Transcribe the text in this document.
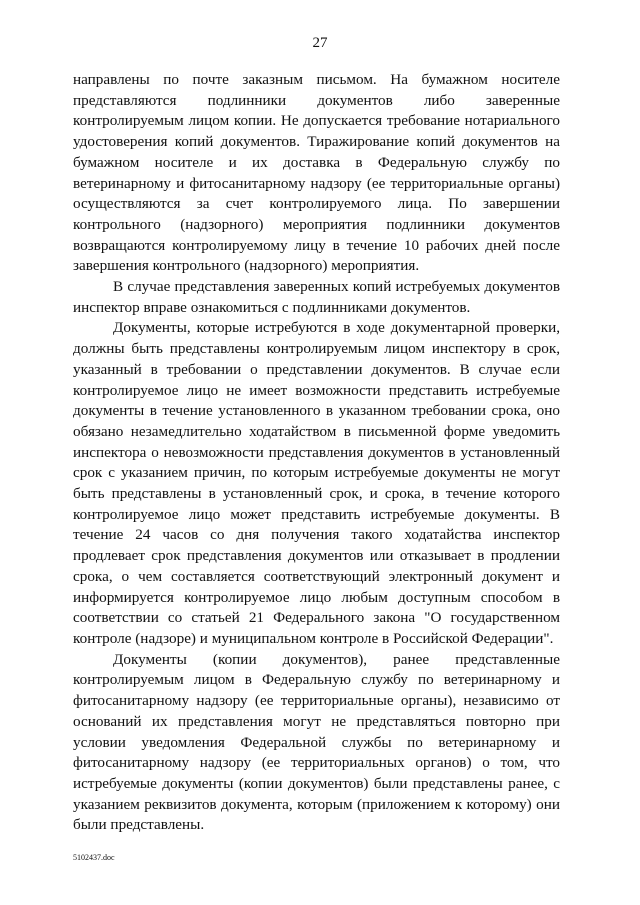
27

направлены по почте заказным письмом. На бумажном носителе представляются подлинники документов либо заверенные контролируемым лицом копии. Не допускается требование нотариального удостоверения копий документов. Тиражирование копий документов на бумажном носителе и их доставка в Федеральную службу по ветеринарному и фитосанитарному надзору (ее территориальные органы) осуществляются за счет контролируемого лица. По завершении контрольного (надзорного) мероприятия подлинники документов возвращаются контролируемому лицу в течение 10 рабочих дней после завершения контрольного (надзорного) мероприятия.

В случае представления заверенных копий истребуемых документов инспектор вправе ознакомиться с подлинниками документов.

Документы, которые истребуются в ходе документарной проверки, должны быть представлены контролируемым лицом инспектору в срок, указанный в требовании о представлении документов. В случае если контролируемое лицо не имеет возможности представить истребуемые документы в течение установленного в указанном требовании срока, оно обязано незамедлительно ходатайством в письменной форме уведомить инспектора о невозможности представления документов в установленный срок с указанием причин, по которым истребуемые документы не могут быть представлены в установленный срок, и срока, в течение которого контролируемое лицо может представить истребуемые документы. В течение 24 часов со дня получения такого ходатайства инспектор продлевает срок представления документов или отказывает в продлении срока, о чем составляется соответствующий электронный документ и информируется контролируемое лицо любым доступным способом в соответствии со статьей 21 Федерального закона "О государственном контроле (надзоре) и муниципальном контроле в Российской Федерации".

Документы (копии документов), ранее представленные контролируемым лицом в Федеральную службу по ветеринарному и фитосанитарному надзору (ее территориальные органы), независимо от оснований их представления могут не представляться повторно при условии уведомления Федеральной службы по ветеринарному и фитосанитарному надзору (ее территориальных органов) о том, что истребуемые документы (копии документов) были представлены ранее, с указанием реквизитов документа, которым (приложением к которому) они были представлены.

5102437.doc
